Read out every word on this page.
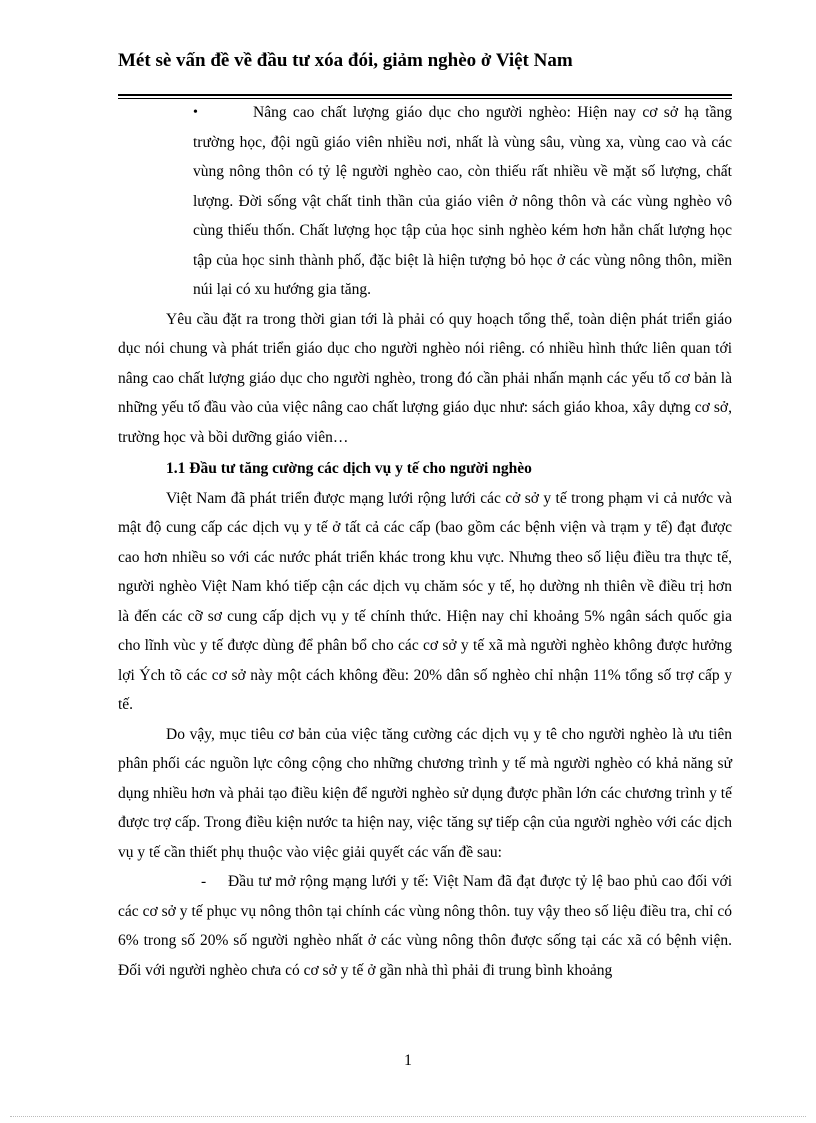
Mét sè vấn đề về đầu tư xóa đói, giảm nghèo ở Việt Nam

•	Nâng cao chất lượng giáo dục cho người nghèo: Hiện nay cơ sở hạ tầng trường học, đội ngũ giáo viên nhiều nơi, nhất là vùng sâu, vùng xa, vùng cao và các vùng nông thôn có tỷ lệ người nghèo cao, còn thiếu rất nhiều về mặt số lượng, chất lượng. Đời sống vật chất tinh thần của giáo viên ở nông thôn và các vùng nghèo vô cùng thiếu thốn. Chất lượng học tập của học sinh nghèo kém hơn hẳn chất lượng học tập của học sinh thành phố, đặc biệt là hiện tượng bỏ học ở các vùng nông thôn, miền núi lại có xu hướng gia tăng.

Yêu cầu đặt ra trong thời gian tới là phải có quy hoạch tổng thể, toàn diện phát triển giáo dục nói chung và phát triển giáo dục cho người nghèo nói riêng. có nhiều hình thức liên quan tới nâng cao chất lượng giáo dục cho người nghèo, trong đó cần phải nhấn mạnh các yếu tố cơ bản là những yếu tố đầu vào của việc nâng cao chất lượng giáo dục như: sách giáo khoa, xây dựng cơ sở, trường học và bồi dưỡng giáo viên…

1.1 Đầu tư tăng cường các dịch vụ y tế cho người nghèo

Việt Nam đã phát triển được mạng lưới rộng lưới các cở sở y tế trong phạm vi cả nước và mật độ cung cấp các dịch vụ y tế ở tất cả các cấp (bao gồm các bệnh viện và trạm y tế) đạt được cao hơn nhiều so với các nước phát triển khác trong khu vực. Nhưng theo số liệu điều tra thực tế, người nghèo Việt Nam khó tiếp cận các dịch vụ chăm sóc y tế, họ dường nh thiên về điều trị hơn là đến các cỡ sơ cung cấp dịch vụ y tế chính thức. Hiện nay chỉ khoảng 5% ngân sách quốc gia cho lĩnh vùc y tế được dùng để phân bổ cho các cơ sở y tế xã mà người nghèo không được hưởng lợi Ých tõ các cơ sở này một cách không đều: 20% dân số nghèo chỉ nhận 11% tổng số trợ cấp y tế.

Do vậy, mục tiêu cơ bản của việc tăng cường các dịch vụ y tê cho người nghèo là ưu tiên phân phối các nguồn lực công cộng cho những chương trình y tế mà người nghèo có khả năng sử dụng nhiều hơn và phải tạo điều kiện để người nghèo sử dụng được phần lớn các chương trình y tế được trợ cấp. Trong điều kiện nước ta hiện nay, việc tăng sự tiếp cận của người nghèo với các dịch vụ y tế cần thiết phụ thuộc vào việc giải quyết các vấn đề sau:

- Đầu tư mở rộng mạng lưới y tế: Việt Nam đã đạt được tỷ lệ bao phủ cao đối với các cơ sở y tế phục vụ nông thôn tại chính các vùng nông thôn. tuy vậy theo số liệu điều tra, chỉ có 6% trong số 20% số người nghèo nhất ở các vùng nông thôn được sống tại các xã có bệnh viện. Đối với người nghèo chưa có cơ sở y tế ở gần nhà thì phải đi trung bình khoảng

1
